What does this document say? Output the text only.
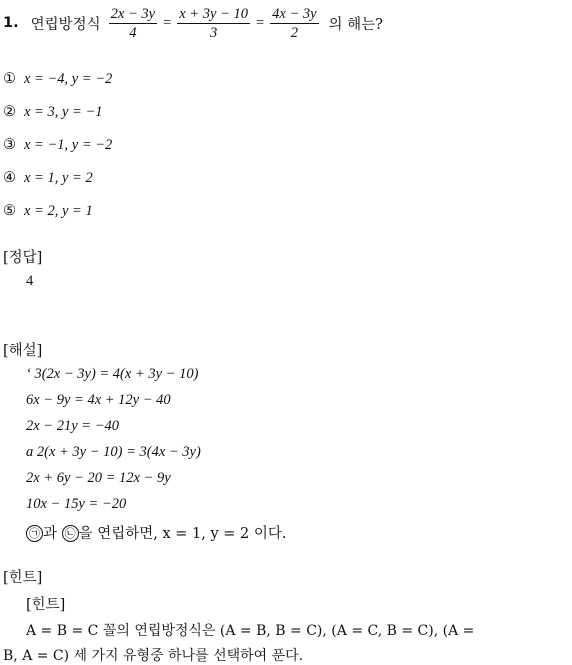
1. 연립방정식 $\frac{2x - 3y}{4} = \frac{x + 3y - 10}{3} = \frac{4x - 3y}{2}$ 의 해는?
① x = −4, y = −2
② x = 3, y = −1
③ x = −1, y = −2
④ x = 1, y = 2
⑤ x = 2, y = 1
[정답]
4
[해설]
‘ 3(2x − 3y) = 4(x + 3y − 10)
6x − 9y = 4x + 12y − 40
2x − 21y = −40
a 2(x + 3y − 10) = 3(4x − 3y)
2x + 6y − 20 = 12x − 9y
10x − 15y = −20
㉠ 과 ㉡ 을 연립하면, x = 1, y = 2 이다.
[힌트]
[힌트]
A = B = C 꼴의 연립방정식은 (A = B, B = C), (A = C, B = C), (A =
B, A = C) 세 가지 유형중 하나를 선택하여 푼다.
